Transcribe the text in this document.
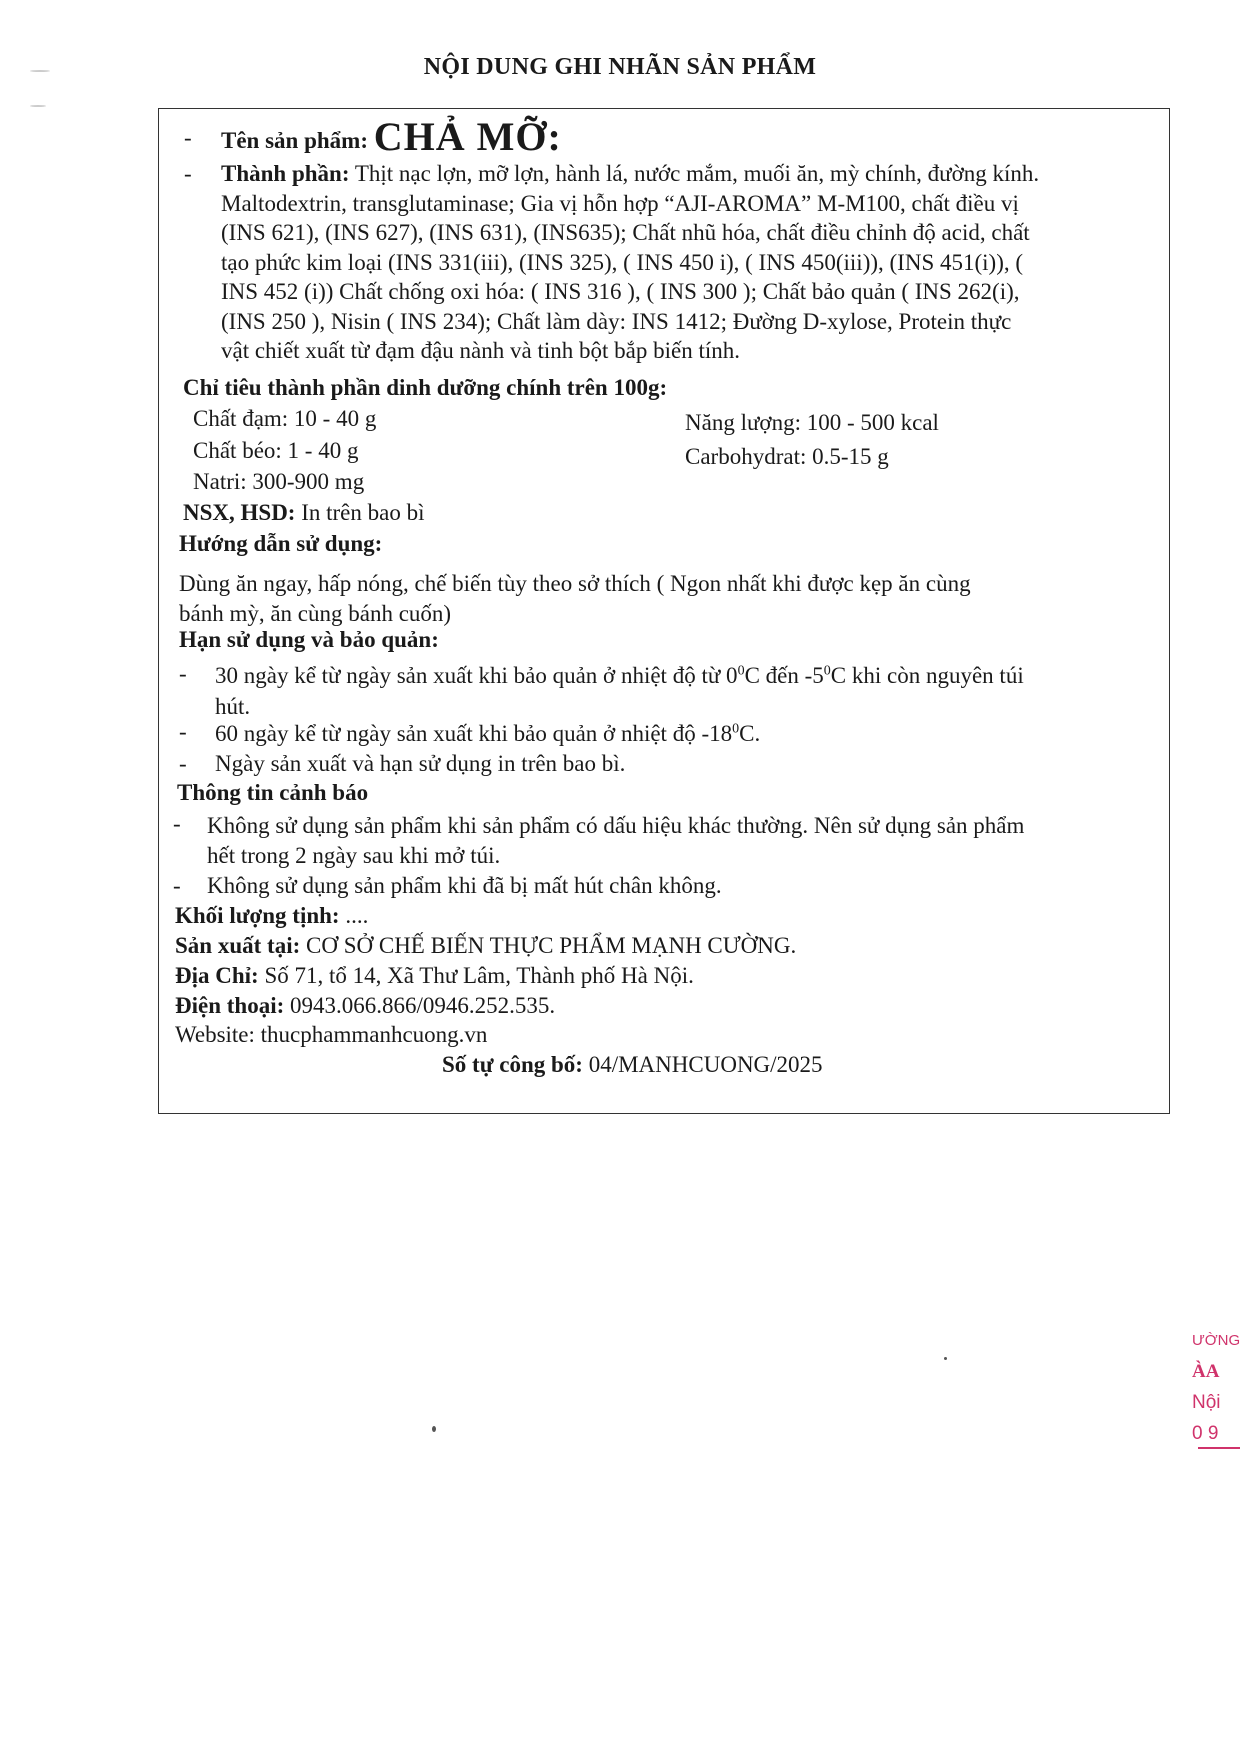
NỘI DUNG GHI NHÃN SẢN PHẨM
- Tên sản phẩm: CHẢ MỠ:
- Thành phần: Thịt nạc lợn, mỡ lợn, hành lá, nước mắm, muối ăn, mỳ chính, đường kính.
Maltodextrin, transglutaminase; Gia vị hỗn hợp “AJI-AROMA” M-M100, chất điều vị
(INS 621), (INS 627), (INS 631), (INS635); Chất nhũ hóa, chất điều chỉnh độ acid, chất
tạo phức kim loại (INS 331(iii), (INS 325), ( INS 450 i), ( INS 450(iii)), (INS 451(i)), (
INS 452 (i)) Chất chống oxi hóa: ( INS 316 ), ( INS 300 ); Chất bảo quản ( INS 262(i),
(INS 250 ), Nisin ( INS 234); Chất làm dày: INS 1412; Đường D-xylose, Protein thực
vật chiết xuất từ đạm đậu nành và tinh bột bắp biến tính.
Chỉ tiêu thành phần dinh dưỡng chính trên 100g:
Chất đạm: 10 - 40 g	Năng lượng: 100 - 500 kcal
Chất béo: 1 - 40 g	Carbohydrat: 0.5-15 g
Natri: 300-900 mg
NSX, HSD: In trên bao bì
Hướng dẫn sử dụng:
Dùng ăn ngay, hấp nóng, chế biến tùy theo sở thích ( Ngon nhất khi được kẹp ăn cùng
bánh mỳ, ăn cùng bánh cuốn)
Hạn sử dụng và bảo quản:
- 30 ngày kể từ ngày sản xuất khi bảo quản ở nhiệt độ từ $0^0C$ đến $-5^0C$ khi còn nguyên túi
hút.
- 60 ngày kể từ ngày sản xuất khi bảo quản ở nhiệt độ $-18^0C$.
- Ngày sản xuất và hạn sử dụng in trên bao bì.
Thông tin cảnh báo
- Không sử dụng sản phẩm khi sản phẩm có dấu hiệu khác thường. Nên sử dụng sản phẩm
hết trong 2 ngày sau khi mở túi.
- Không sử dụng sản phẩm khi đã bị mất hút chân không.
Khối lượng tịnh: ....
Sản xuất tại: CƠ SỞ CHẾ BIẾN THỰC PHẨM MẠNH CƯỜNG.
Địa Chỉ: Số 71, tổ 14, Xã Thư Lâm, Thành phố Hà Nội.
Điện thoại: 0943.066.866/0946.252.535.
Website: thucphammanhcuong.vn
Số tự công bố: 04/MANHCUONG/2025
ƯỜNG
ÀA
Nội
0 9
